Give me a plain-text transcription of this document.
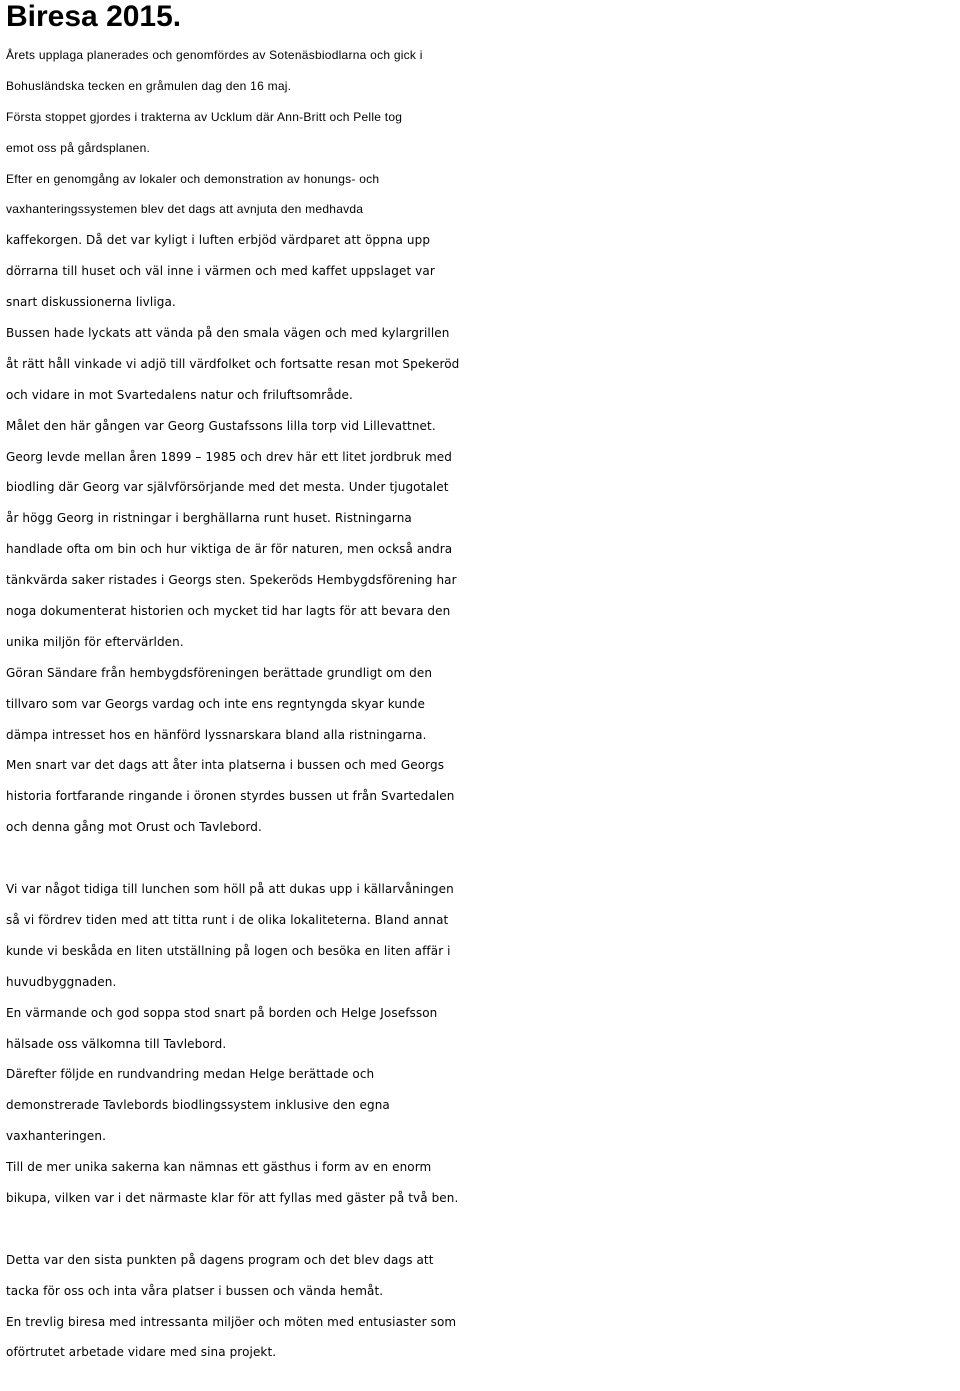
Biresa 2015.

Årets upplaga planerades och genomfördes av Sotenäsbiodlarna och gick i

Bohusländska tecken en gråmulen dag den 16 maj.

Första stoppet gjordes i trakterna av Ucklum där Ann-Britt och Pelle tog

emot oss på gårdsplanen.

Efter en genomgång av lokaler och demonstration av honungs- och

vaxhanteringssystemen blev det dags att avnjuta den medhavda

kaffekorgen. Då det var kyligt i luften erbjöd värdparet att öppna upp

dörrarna till huset och väl inne i värmen och med kaffet uppslaget var

snart diskussionerna livliga.

Bussen hade lyckats att vända på den smala vägen och med kylargrillen

åt rätt håll vinkade vi adjö till värdfolket och fortsatte resan mot Spekeröd

och vidare in mot Svartedalens natur och friluftsområde.

Målet den här gången var Georg Gustafssons lilla torp vid Lillevattnet.

Georg levde mellan åren 1899 – 1985 och drev här ett litet jordbruk med

biodling där Georg var självförsörjande med det mesta. Under tjugotalet

år högg Georg in ristningar i berghällarna runt huset. Ristningarna

handlade ofta om bin och hur viktiga de är för naturen, men också andra

tänkvärda saker ristades i Georgs sten. Spekeröds Hembygdsförening har

noga dokumenterat historien och mycket tid har lagts för att bevara den

unika miljön för eftervärlden.

Göran Sändare från hembygdsföreningen berättade grundligt om den

tillvaro som var Georgs vardag och inte ens regntyngda skyar kunde

dämpa intresset hos en hänförd lyssnarskara bland alla ristningarna.

Men snart var det dags att åter inta platserna i bussen och med Georgs

historia fortfarande ringande i öronen styrdes bussen ut från Svartedalen

och denna gång mot Orust och Tavlebord.

Vi var något tidiga till lunchen som höll på att dukas upp i källarvåningen

så vi fördrev tiden med att titta runt i de olika lokaliteterna. Bland annat

kunde vi beskåda en liten utställning på logen och besöka en liten affär i

huvudbyggnaden.

En värmande och god soppa stod snart på borden och Helge Josefsson

hälsade oss välkomna till Tavlebord.

Därefter följde en rundvandring medan Helge berättade och

demonstrerade Tavlebords biodlingssystem inklusive den egna

vaxhanteringen.

Till de mer unika sakerna kan nämnas ett gästhus i form av en enorm

bikupa, vilken var i det närmaste klar för att fyllas med gäster på två ben.

Detta var den sista punkten på dagens program och det blev dags att

tacka för oss och inta våra platser i bussen och vända hemåt.

En trevlig biresa med intressanta miljöer och möten med entusiaster som

oförtrutet arbetade vidare med sina projekt.
